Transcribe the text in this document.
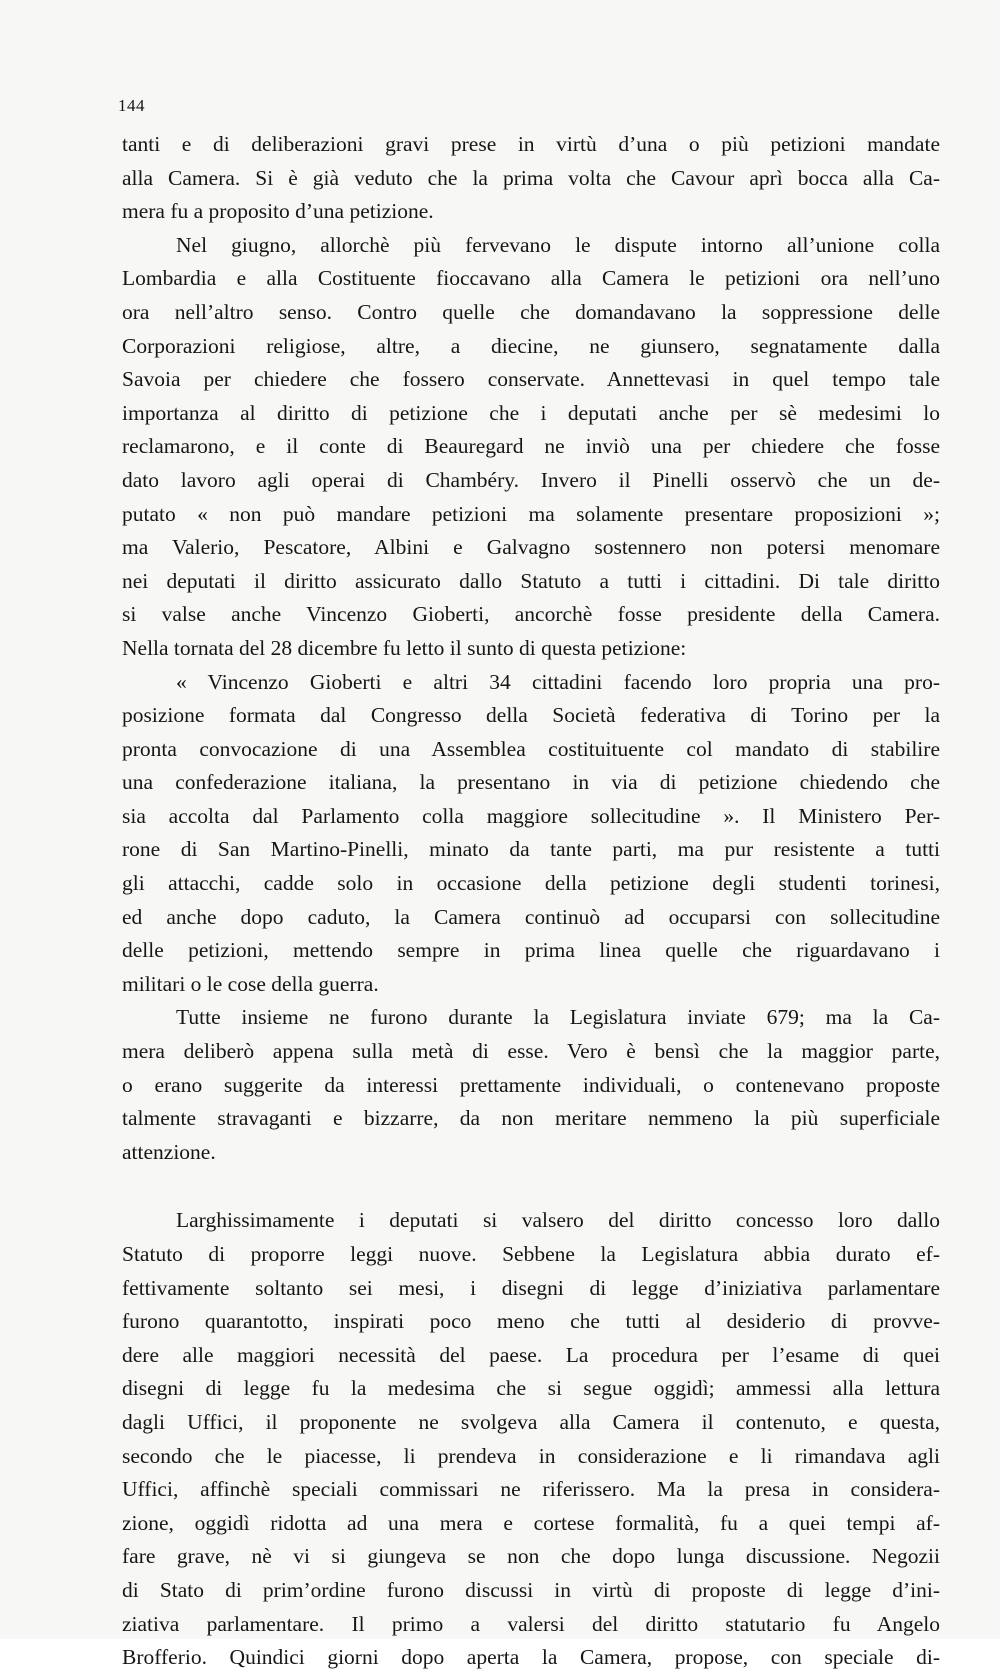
144
tanti e di deliberazioni gravi prese in virtù d’una o più petizioni mandate
alla Camera. Si è già veduto che la prima volta che Cavour aprì bocca alla Ca-
mera fu a proposito d’una petizione.
Nel giugno, allorchè più fervevano le dispute intorno all’unione colla
Lombardia e alla Costituente fioccavano alla Camera le petizioni ora nell’uno
ora nell’altro senso. Contro quelle che domandavano la soppressione delle
Corporazioni religiose, altre, a diecine, ne giunsero, segnatamente dalla
Savoia per chiedere che fossero conservate. Annettevasi in quel tempo tale
importanza al diritto di petizione che i deputati anche per sè medesimi lo
reclamarono, e il conte di Beauregard ne inviò una per chiedere che fosse
dato lavoro agli operai di Chambéry. Invero il Pinelli osservò che un de-
putato « non può mandare petizioni ma solamente presentare proposizioni »;
ma Valerio, Pescatore, Albini e Galvagno sostennero non potersi menomare
nei deputati il diritto assicurato dallo Statuto a tutti i cittadini. Di tale diritto
si valse anche Vincenzo Gioberti, ancorchè fosse presidente della Camera.
Nella tornata del 28 dicembre fu letto il sunto di questa petizione:
« Vincenzo Gioberti e altri 34 cittadini facendo loro propria una pro-
posizione formata dal Congresso della Società federativa di Torino per la
pronta convocazione di una Assemblea costituituente col mandato di stabilire
una confederazione italiana, la presentano in via di petizione chiedendo che
sia accolta dal Parlamento colla maggiore sollecitudine ». Il Ministero Per-
rone di San Martino-Pinelli, minato da tante parti, ma pur resistente a tutti
gli attacchi, cadde solo in occasione della petizione degli studenti torinesi,
ed anche dopo caduto, la Camera continuò ad occuparsi con sollecitudine
delle petizioni, mettendo sempre in prima linea quelle che riguardavano i
militari o le cose della guerra.
Tutte insieme ne furono durante la Legislatura inviate 679; ma la Ca-
mera deliberò appena sulla metà di esse. Vero è bensì che la maggior parte,
o erano suggerite da interessi prettamente individuali, o contenevano proposte
talmente stravaganti e bizzarre, da non meritare nemmeno la più superficiale
attenzione.
Larghissimamente i deputati si valsero del diritto concesso loro dallo
Statuto di proporre leggi nuove. Sebbene la Legislatura abbia durato ef-
fettivamente soltanto sei mesi, i disegni di legge d’iniziativa parlamentare
furono quarantotto, inspirati poco meno che tutti al desiderio di provve-
dere alle maggiori necessità del paese. La procedura per l’esame di quei
disegni di legge fu la medesima che si segue oggidì; ammessi alla lettura
dagli Uffici, il proponente ne svolgeva alla Camera il contenuto, e questa,
secondo che le piacesse, li prendeva in considerazione e li rimandava agli
Uffici, affinchè speciali commissari ne riferissero. Ma la presa in considera-
zione, oggidì ridotta ad una mera e cortese formalità, fu a quei tempi af-
fare grave, nè vi si giungeva se non che dopo lunga discussione. Negozii
di Stato di prim’ordine furono discussi in virtù di proposte di legge d’ini-
ziativa parlamentare. Il primo a valersi del diritto statutario fu Angelo
Brofferio. Quindici giorni dopo aperta la Camera, propose, con speciale di-
